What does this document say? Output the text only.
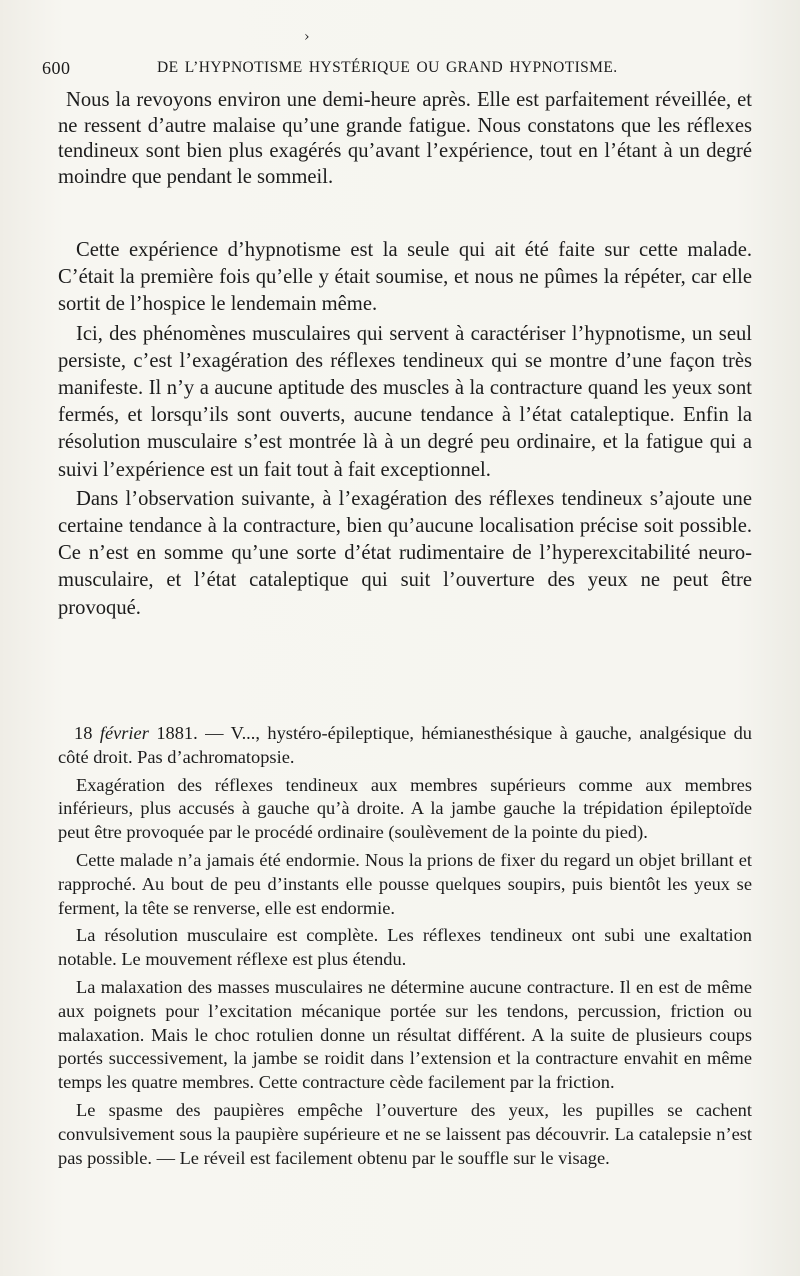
›
600	DE L’HYPNOTISME HYSTÉRIQUE OU GRAND HYPNOTISME.

Nous la revoyons environ une demi-heure après. Elle est parfaitement réveillée, et ne ressent d’autre malaise qu’une grande fatigue. Nous constatons que les réflexes tendineux sont bien plus exagérés qu’avant l’expérience, tout en l’étant à un degré moindre que pendant le sommeil.

Cette expérience d’hypnotisme est la seule qui ait été faite sur cette malade. C’était la première fois qu’elle y était soumise, et nous ne pûmes la répéter, car elle sortit de l’hospice le lendemain même.

Ici, des phénomènes musculaires qui servent à caractériser l’hypnotisme, un seul persiste, c’est l’exagération des réflexes tendineux qui se montre d’une façon très manifeste. Il n’y a aucune aptitude des muscles à la contracture quand les yeux sont fermés, et lorsqu’ils sont ouverts, aucune tendance à l’état cataleptique. Enfin la résolution musculaire s’est montrée là à un degré peu ordinaire, et la fatigue qui a suivi l’expérience est un fait tout à fait exceptionnel.

Dans l’observation suivante, à l’exagération des réflexes tendineux s’ajoute une certaine tendance à la contracture, bien qu’aucune localisation précise soit possible. Ce n’est en somme qu’une sorte d’état rudimentaire de l’hyperexcitabilité neuro-musculaire, et l’état cataleptique qui suit l’ouverture des yeux ne peut être provoqué.

18 février 1881. — V..., hystéro-épileptique, hémianesthésique à gauche, analgésique du côté droit. Pas d’achromatopsie.

Exagération des réflexes tendineux aux membres supérieurs comme aux membres inférieurs, plus accusés à gauche qu’à droite. A la jambe gauche la trépidation épileptoïde peut être provoquée par le procédé ordinaire (soulèvement de la pointe du pied).

Cette malade n’a jamais été endormie. Nous la prions de fixer du regard un objet brillant et rapproché. Au bout de peu d’instants elle pousse quelques soupirs, puis bientôt les yeux se ferment, la tête se renverse, elle est endormie.

La résolution musculaire est complète. Les réflexes tendineux ont subi une exaltation notable. Le mouvement réflexe est plus étendu.

La malaxation des masses musculaires ne détermine aucune contracture. Il en est de même aux poignets pour l’excitation mécanique portée sur les tendons, percussion, friction ou malaxation. Mais le choc rotulien donne un résultat différent. A la suite de plusieurs coups portés successivement, la jambe se roidit dans l’extension et la contracture envahit en même temps les quatre membres. Cette contracture cède facilement par la friction.

Le spasme des paupières empêche l’ouverture des yeux, les pupilles se cachent convulsivement sous la paupière supérieure et ne se laissent pas découvrir. La catalepsie n’est pas possible. — Le réveil est facilement obtenu par le souffle sur le visage.
